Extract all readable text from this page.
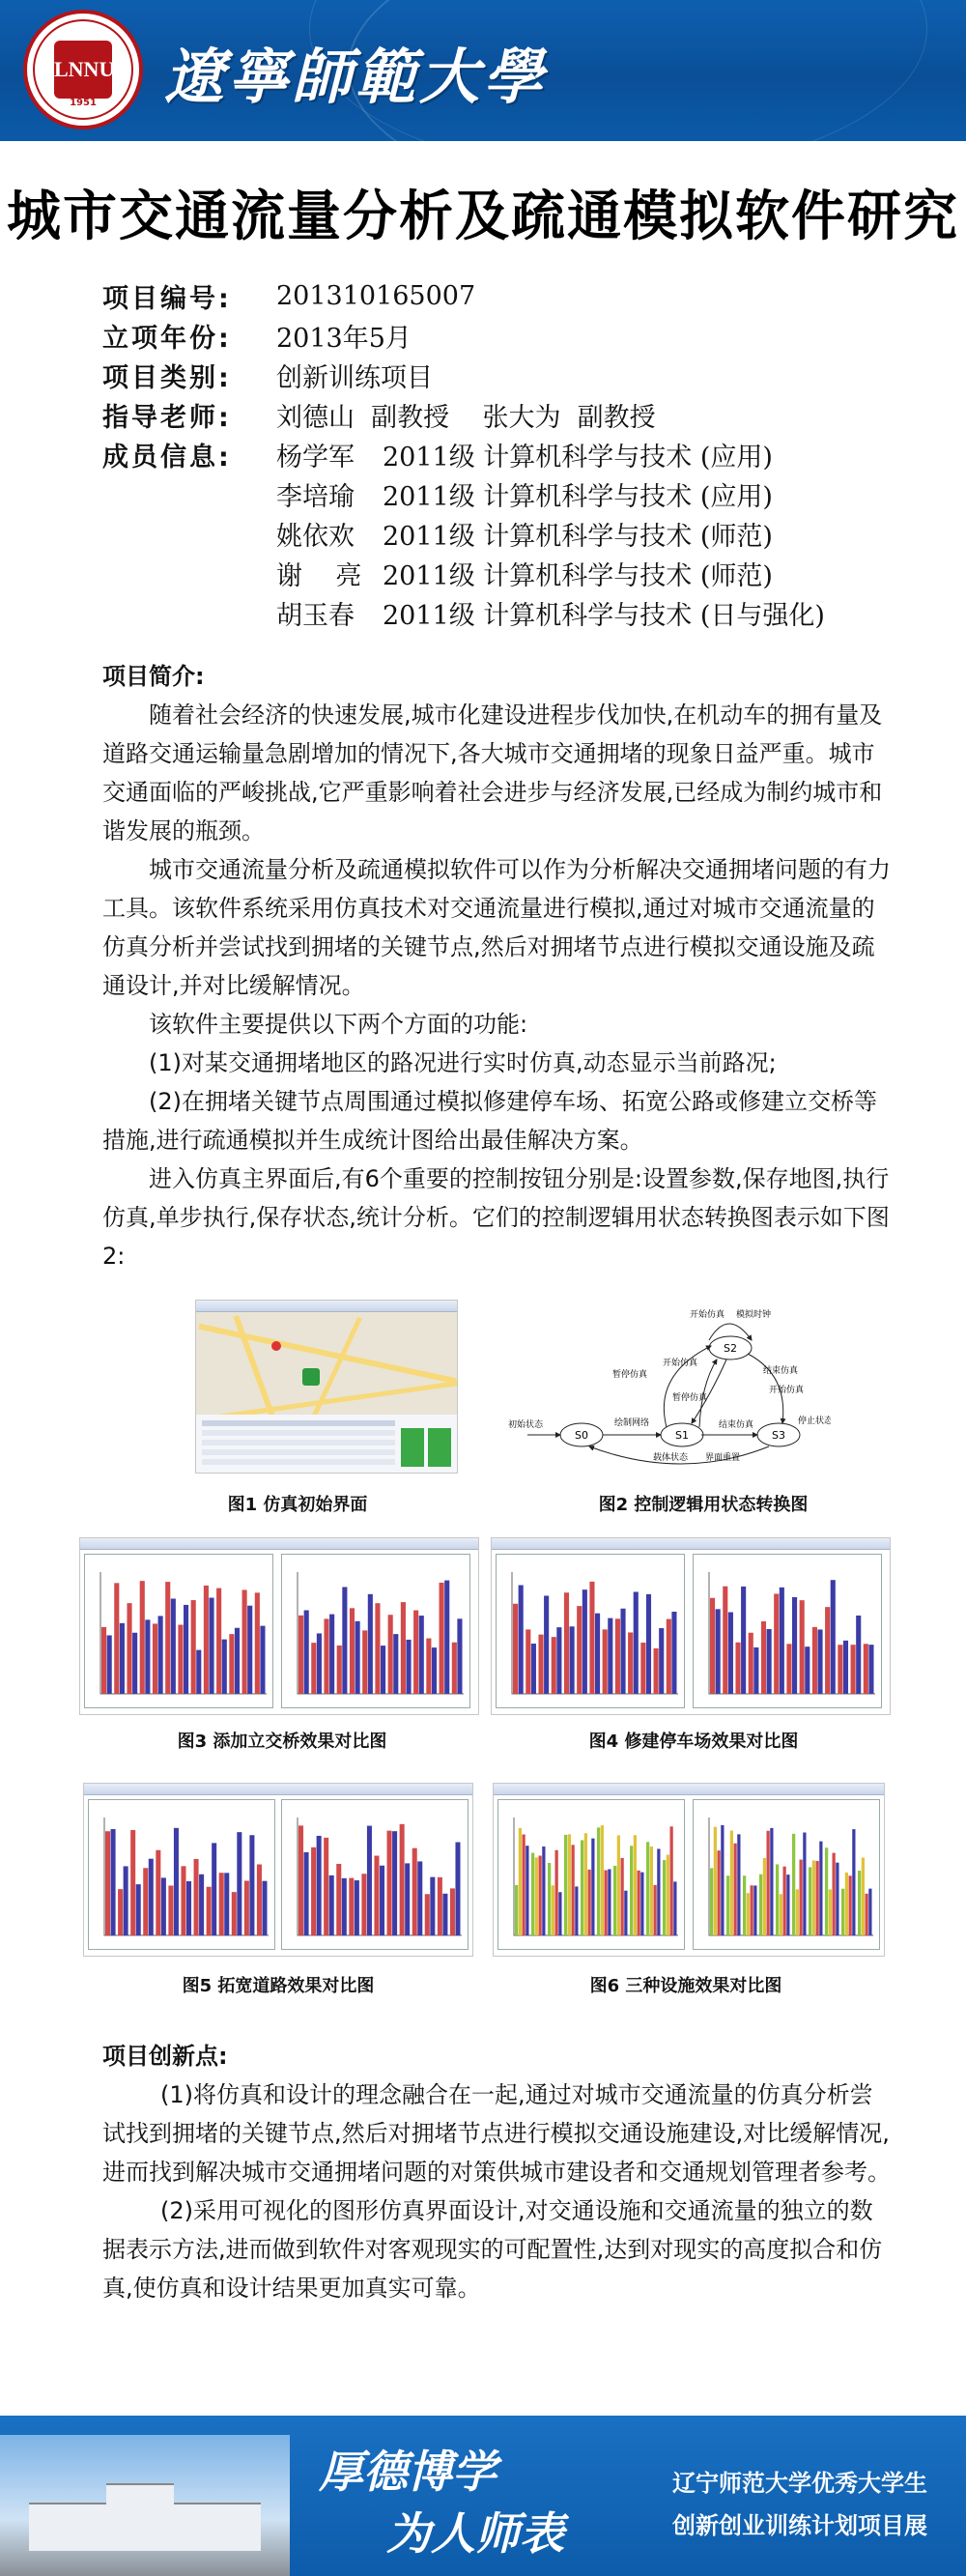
LNNU
1951	遼寧師範大學
城市交通流量分析及疏通模拟软件研究
项目编号:	201310165007
立项年份:	2013年5月
项目类别:	创新训练项目
指导老师:	刘德山  副教授    张大为  副教授
成员信息:	杨学军	2011级 计算机科学与技术 (应用)
李培瑜	2011级 计算机科学与技术 (应用)
姚依欢	2011级 计算机科学与技术 (师范)
谢    亮 2011级 计算机科学与技术 (师范)
胡玉春	2011级 计算机科学与技术 (日与强化)
项目简介:

随着社会经济的快速发展,城市化建设进程步伐加快,在机动车的拥有量及道路交通运输量急剧增加的情况下,各大城市交通拥堵的现象日益严重。城市交通面临的严峻挑战,它严重影响着社会进步与经济发展,已经成为制约城市和谐发展的瓶颈。

城市交通流量分析及疏通模拟软件可以作为分析解决交通拥堵问题的有力工具。该软件系统采用仿真技术对交通流量进行模拟,通过对城市交通流量的仿真分析并尝试找到拥堵的关键节点,然后对拥堵节点进行模拟交通设施及疏通设计,并对比缓解情况。

该软件主要提供以下两个方面的功能:

(1)对某交通拥堵地区的路况进行实时仿真,动态显示当前路况;

(2)在拥堵关键节点周围通过模拟修建停车场、拓宽公路或修建立交桥等措施,进行疏通模拟并生成统计图给出最佳解决方案。

进入仿真主界面后,有6个重要的控制按钮分别是:设置参数,保存地图,执行仿真,单步执行,保存状态,统计分析。它们的控制逻辑用状态转换图表示如下图2:

图1 仿真初始界面
S2
S1	S3
S0
开始仿真 模拟时钟
暂停仿真
开始仿真
结束仿真
开始仿真
暂停仿真
绘制网络
初始状态	结束仿真	停止状态
载体状态 界面重置
图2 控制逻辑用状态转换图
图3 添加立交桥效果对比图	图4 修建停车场效果对比图
图5 拓宽道路效果对比图	图6 三种设施效果对比图
项目创新点:

(1)将仿真和设计的理念融合在一起,通过对城市交通流量的仿真分析尝试找到拥堵的关键节点,然后对拥堵节点进行模拟交通设施建设,对比缓解情况,进而找到解决城市交通拥堵问题的对策供城市建设者和交通规划管理者参考。

(2)采用可视化的图形仿真界面设计,对交通设施和交通流量的独立的数据表示方法,进而做到软件对客观现实的可配置性,达到对现实的高度拟合和仿真,使仿真和设计结果更加真实可靠。

厚德博学
为人师表
辽宁师范大学优秀大学生
创新创业训练计划项目展
